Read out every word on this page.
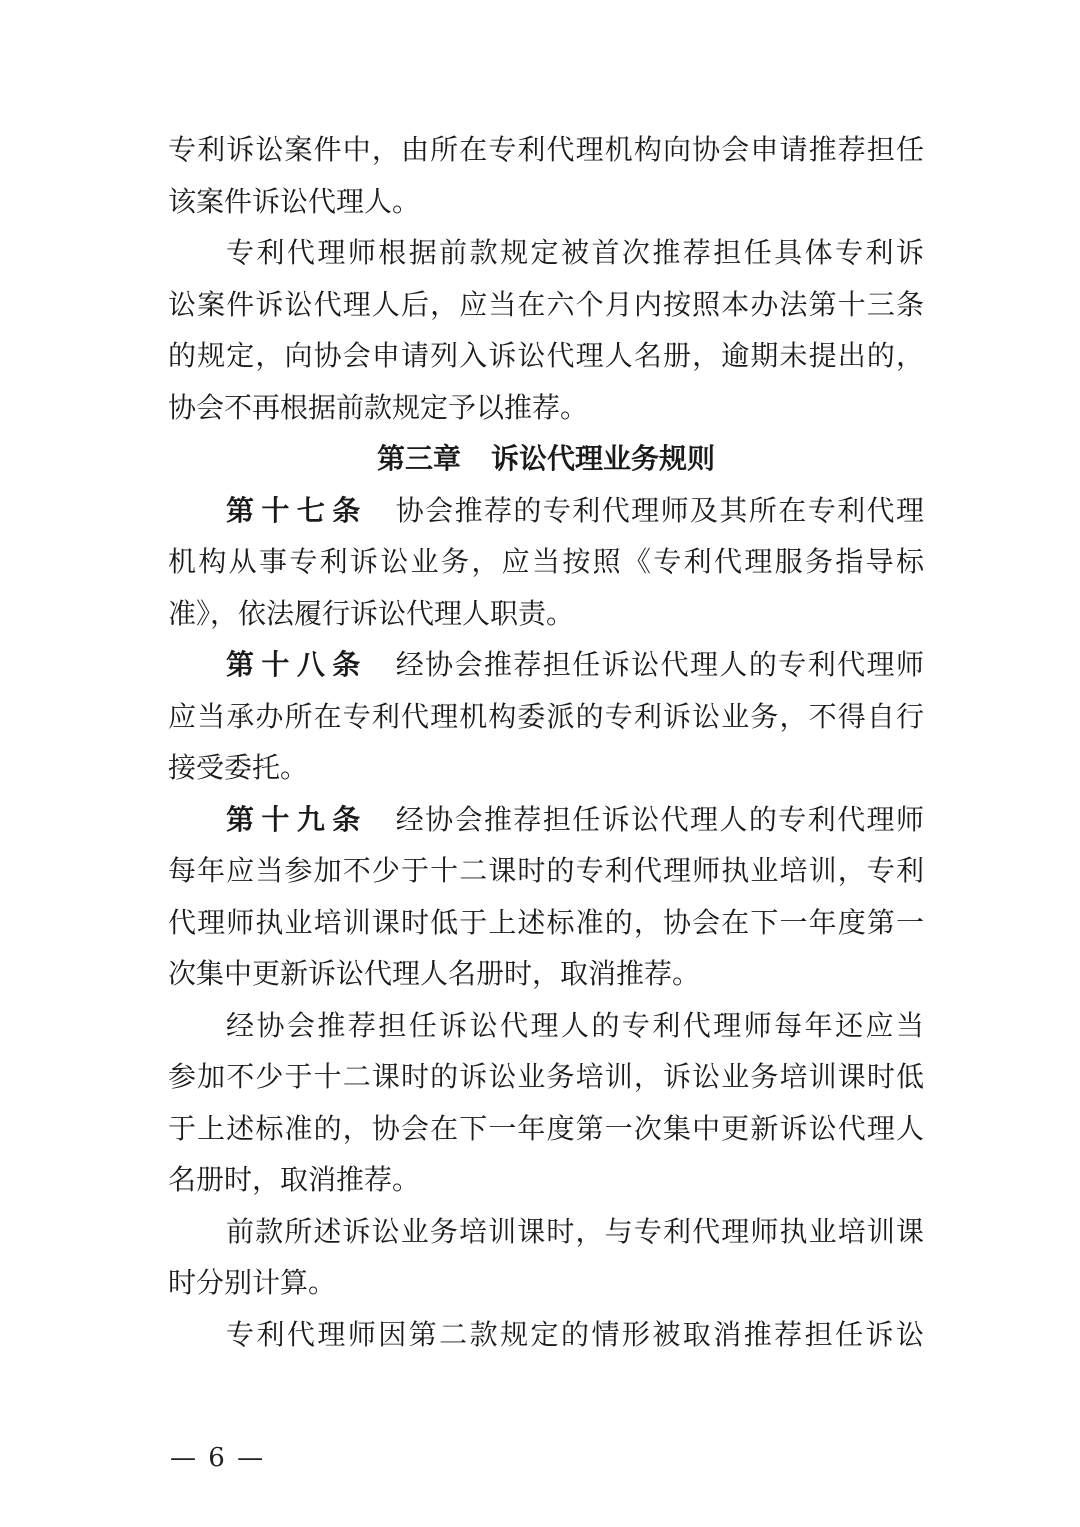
专利诉讼案件中，由所在专利代理机构向协会申请推荐担任
该案件诉讼代理人。
专利代理师根据前款规定被首次推荐担任具体专利诉
讼案件诉讼代理人后，应当在六个月内按照本办法第十三条
的规定，向协会申请列入诉讼代理人名册，逾期未提出的，
协会不再根据前款规定予以推荐。
第三章 诉讼代理业务规则
第十七条 协会推荐的专利代理师及其所在专利代理
机构从事专利诉讼业务，应当按照《专利代理服务指导标
准》，依法履行诉讼代理人职责。
第十八条 经协会推荐担任诉讼代理人的专利代理师
应当承办所在专利代理机构委派的专利诉讼业务，不得自行
接受委托。
第十九条 经协会推荐担任诉讼代理人的专利代理师
每年应当参加不少于十二课时的专利代理师执业培训，专利
代理师执业培训课时低于上述标准的，协会在下一年度第一
次集中更新诉讼代理人名册时，取消推荐。
经协会推荐担任诉讼代理人的专利代理师每年还应当
参加不少于十二课时的诉讼业务培训，诉讼业务培训课时低
于上述标准的，协会在下一年度第一次集中更新诉讼代理人
名册时，取消推荐。
前款所述诉讼业务培训课时，与专利代理师执业培训课
时分别计算。
专利代理师因第二款规定的情形被取消推荐担任诉讼
— 6 —
